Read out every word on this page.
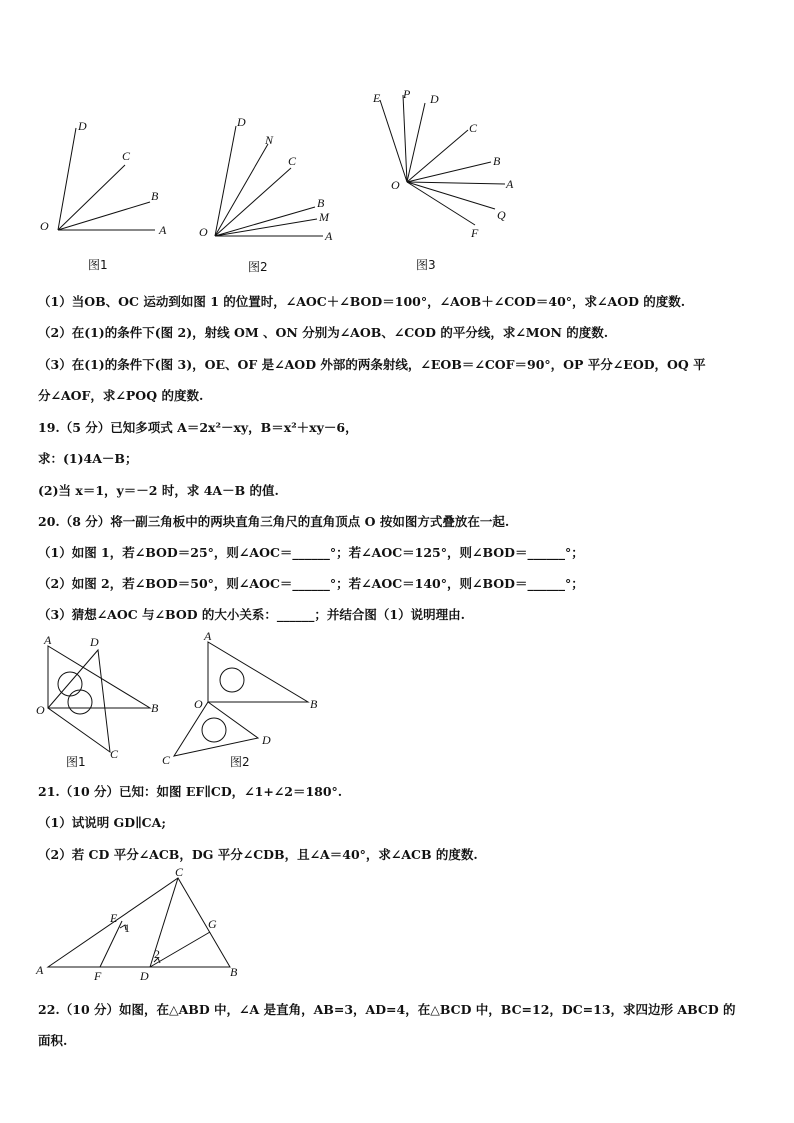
D
C
B
O	A
图1
D
N
C
B
M
O	A
图2
E P D
C
B
O	A
Q
F
图3
（1）当OB、OC 运动到如图 1 的位置时，∠AOC＋∠BOD＝100°，∠AOB＋∠COD＝40°，求∠AOD 的度数.
（2）在(1)的条件下(图 2)，射线 OM 、ON 分别为∠AOB、∠COD 的平分线，求∠MON 的度数.
（3）在(1)的条件下(图 3)，OE、OF 是∠AOD 外部的两条射线，∠EOB＝∠COF＝90°，OP 平分∠EOD，OQ 平
分∠AOF，求∠POQ 的度数.
19.（5 分）已知多项式 A＝2x²－xy，B＝x²＋xy－6，
求：(1)4A－B；
(2)当 x＝1，y＝－2 时，求 4A－B 的值.
20.（8 分）将一副三角板中的两块直角三角尺的直角顶点 O 按如图方式叠放在一起.
（1）如图 1，若∠BOD＝25°，则∠AOC＝______°；若∠AOC＝125°，则∠BOD＝______°；
（2）如图 2，若∠BOD＝50°，则∠AOC＝______°；若∠AOC＝140°，则∠BOD＝______°；
（3）猜想∠AOC 与∠BOD 的大小关系：______；并结合图（1）说明理由.
A	D
O	B
C
图1
A
O	B
C
D
图2
21.（10 分）已知：如图 EF∥CD，∠1+∠2＝180°.
（1）试说明 GD∥CA;
（2）若 CD 平分∠ACB，DG 平分∠CDB，且∠A＝40°，求∠ACB 的度数.
C
E
1	G
2
A	F	D	B
22.（10 分）如图，在△ABD 中，∠A 是直角，AB=3，AD=4，在△BCD 中，BC=12，DC=13，求四边形 ABCD 的
面积.
